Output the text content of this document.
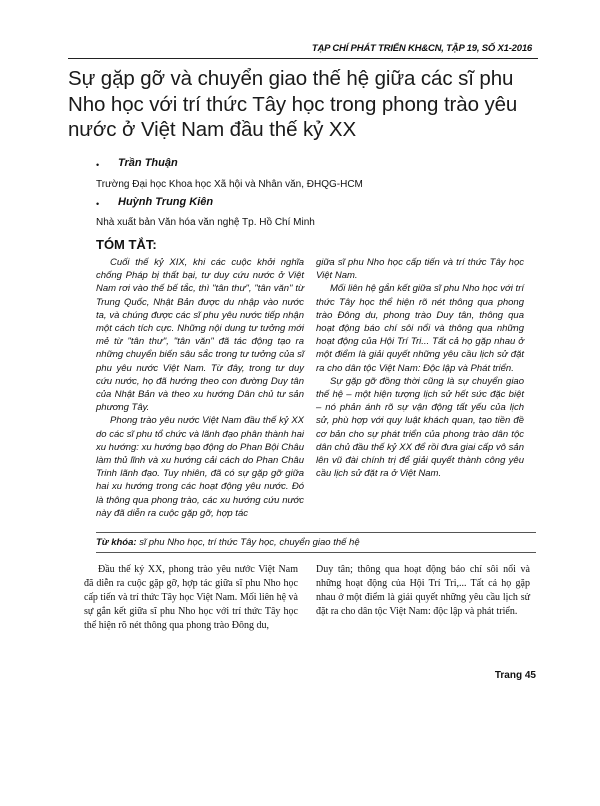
TẠP CHÍ PHÁT TRIỂN KH&CN, TẬP 19, SỐ X1-2016
Sự gặp gỡ và chuyển giao thế hệ giữa các sĩ phu Nho học với trí thức Tây học trong phong trào yêu nước ở Việt Nam đầu thế kỷ XX
• Trần Thuận
Trường Đại học Khoa học Xã hội và Nhân văn, ĐHQG-HCM
• Huỳnh Trung Kiên
Nhà xuất bản Văn hóa văn nghệ Tp. Hồ Chí Minh
TÓM TẮT:

Cuối thế kỷ XIX, khi các cuộc khởi nghĩa chống Pháp bị thất bại, tư duy cứu nước ở Việt Nam rơi vào thế bế tắc, thì "tân thư", "tân văn" từ Trung Quốc, Nhật Bản được du nhập vào nước ta, và chúng được các sĩ phu yêu nước tiếp nhận một cách tích cực. Những nội dung tư tưởng mới mẻ từ "tân thư", "tân văn" đã tác động tạo ra những chuyển biến sâu sắc trong tư tưởng của sĩ phu yêu nước Việt Nam. Từ đây, trong tư duy cứu nước, họ đã hướng theo con đường Duy tân của Nhật Bản và theo xu hướng Dân chủ tư sản phương Tây.

Phong trào yêu nước Việt Nam đầu thế kỷ XX do các sĩ phu tổ chức và lãnh đạo phân thành hai xu hướng: xu hướng bạo động do Phan Bội Châu làm thủ lĩnh và xu hướng cải cách do Phan Châu Trinh lãnh đạo. Tuy nhiên, đã có sự gặp gỡ giữa hai xu hướng trong các hoạt động yêu nước. Đó là thông qua phong trào, các xu hướng cứu nước này đã diễn ra cuộc gặp gỡ, hợp tác

giữa sĩ phu Nho học cấp tiến và trí thức Tây học Việt Nam.

Mối liên hệ gắn kết giữa sĩ phu Nho học với trí thức Tây học thể hiện rõ nét thông qua phong trào Đông du, phong trào Duy tân, thông qua hoạt động báo chí sôi nổi và thông qua những hoạt động của Hội Trí Tri... Tất cả họ gặp nhau ở một điểm là giải quyết những yêu cầu lịch sử đặt ra cho dân tộc Việt Nam: Độc lập và Phát triển.

Sự gặp gỡ đồng thời cũng là sự chuyển giao thế hệ – một hiện tượng lịch sử hết sức đặc biệt – nó phản ánh rõ sự vận động tất yếu của lịch sử, phù hợp với quy luật khách quan, tạo tiền đề cơ bản cho sự phát triển của phong trào dân tộc dân chủ đầu thế kỷ XX để rồi đưa giai cấp vô sản lên vũ đài chính trị để giải quyết thành công yêu cầu lịch sử đặt ra ở Việt Nam.

Từ khóa: sĩ phu Nho học, trí thức Tây học, chuyển giao thế hệ

Đầu thế kỷ XX, phong trào yêu nước Việt Nam đã diễn ra cuộc gặp gỡ, hợp tác giữa sĩ phu Nho học cấp tiến và trí thức Tây học Việt Nam. Mối liên hệ và sự gắn kết giữa sĩ phu Nho học với trí thức Tây học thể hiện rõ nét thông qua phong trào Đông du,

Duy tân; thông qua hoạt động báo chí sôi nổi và những hoạt động của Hội Trí Tri,... Tất cả họ gặp nhau ở một điểm là giải quyết những yêu cầu lịch sử đặt ra cho dân tộc Việt Nam: độc lập và phát triển.

Trang 45
